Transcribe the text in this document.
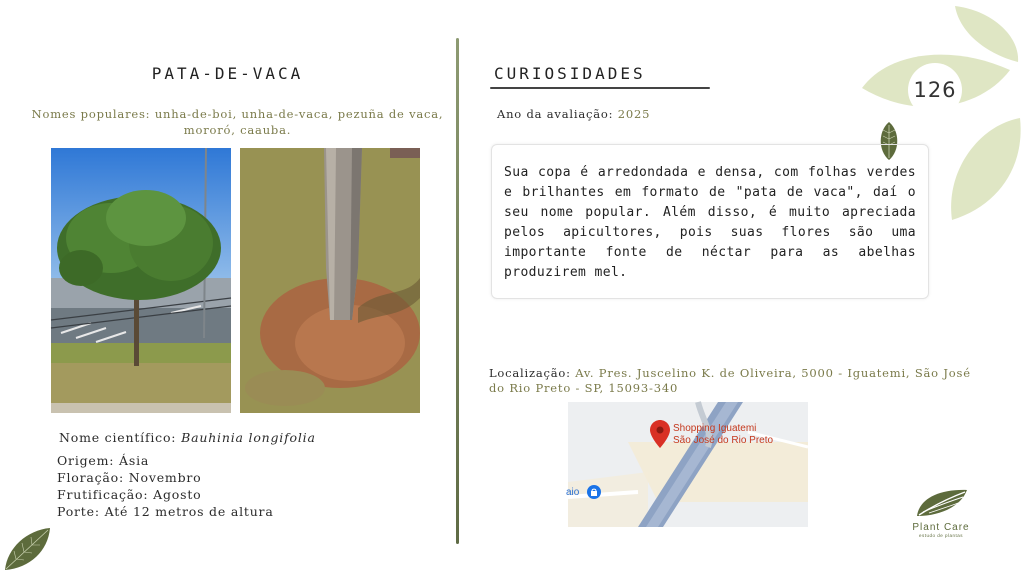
126
PATA-DE-VACA
Nomes populares: unha-de-boi, unha-de-vaca, pezuña de vaca, mororó, caauba.
Nome científico: Bauhinia longifolia
Origem: Ásia
Floração: Novembro
Frutificação: Agosto
Porte: Até 12 metros de altura
CURIOSIDADES
Ano da avaliação: 2025

Sua copa é arredondada e densa, com folhas verdes e brilhantes em formato de "pata de vaca", daí o seu nome popular. Além disso, é muito apreciada pelos apicultores, pois suas flores são uma importante fonte de néctar para as abelhas produzirem mel.

Localização: Av. Pres. Juscelino K. de Oliveira, 5000 - Iguatemi, São José do Rio Preto - SP, 15093-340
Shopping Iguatemi
São José do Rio Preto
aio
Plant Care
estudo de plantas
